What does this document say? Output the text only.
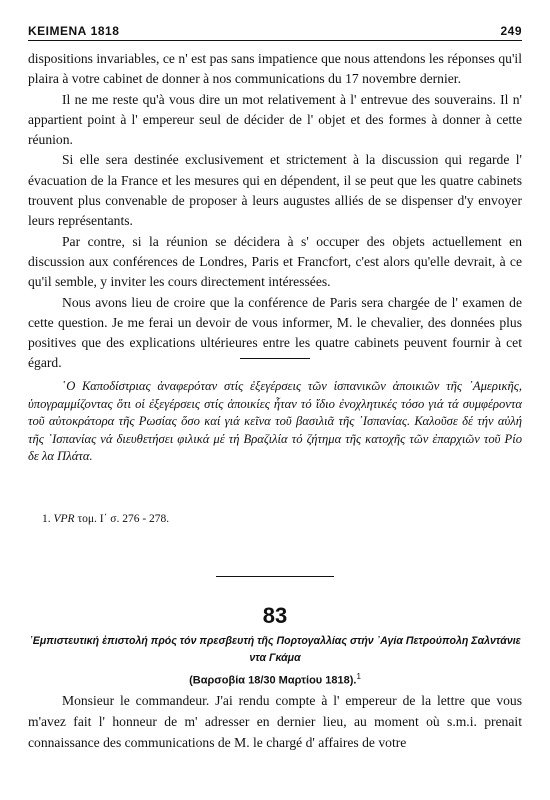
ΚΕΙΜΕΝΑ 1818	249

dispositions invariables, ce n' est pas sans impatience que nous attendons les réponses qu'il plaira à votre cabinet de donner à nos communications du 17 novembre dernier.

Il ne me reste qu'à vous dire un mot relativement à l' entrevue des souverains. Il n' appartient point à l' empereur seul de décider de l' objet et des formes à donner à cette réunion.

Si elle sera destinée exclusivement et strictement à la discussion qui regarde l' évacuation de la France et les mesures qui en dépendent, il se peut que les quatre cabinets trouvent plus convenable de proposer à leurs augustes alliés de se dispenser d'y envoyer leurs représentants.

Par contre, si la réunion se décidera à s' occuper des objets actuellement en discussion aux conférences de Londres, Paris et Francfort, c'est alors qu'elle devrait, à ce qu'il semble, y inviter les cours directement intéressées.

Nous avons lieu de croire que la conférence de Paris sera chargée de l' examen de cette question. Je me ferai un devoir de vous informer, M. le chevalier, des données plus positives que des explications ultérieures entre les quatre cabinets peuvent fournir à cet égard.

῾Ο Καποδίστριας ἀναφερόταν στίς ἐξεγέρσεις τῶν ἱσπανικῶν ἀποικιῶν τῆς ᾿Αμερικῆς, ὑπογραμμίζοντας ὅτι οἱ ἐξεγέρσεις στίς ἀποικίες ἦταν τό ἴδιο ἐνοχλητικές τόσο γιά τά συμφέροντα τοῦ αὐτοκράτορα τῆς Ρωσίας ὅσο καί γιά κεῖνα τοῦ βασιλιᾶ τῆς ᾿Ισπανίας. Καλοῦσε δέ τήν αὐλή τῆς ᾿Ισπανίας νά διευθετήσει φιλικά μέ τή Βραζιλία τό ζήτημα τῆς κατοχῆς τῶν ἐπαρχιῶν τοῦ Ρίο δε λα Πλάτα.

1. VPR τομ. Ι΄ σ. 276 - 278.
83
᾿Εμπιστευτική ἐπιστολή πρός τόν πρεσβευτή τῆς Πορτογαλλίας στήν ᾿Αγία Πετρούπολη Σαλντάνιε ντα Γκάμα
(Βαρσοβία 18/30 Μαρτίου 1818).$^1$

Monsieur le commandeur. J'ai rendu compte à l' empereur de la lettre que vous m'avez fait l' honneur de m' adresser en dernier lieu, au moment où s.m.i. prenait connaissance des communications de M. le chargé d' affaires de votre
